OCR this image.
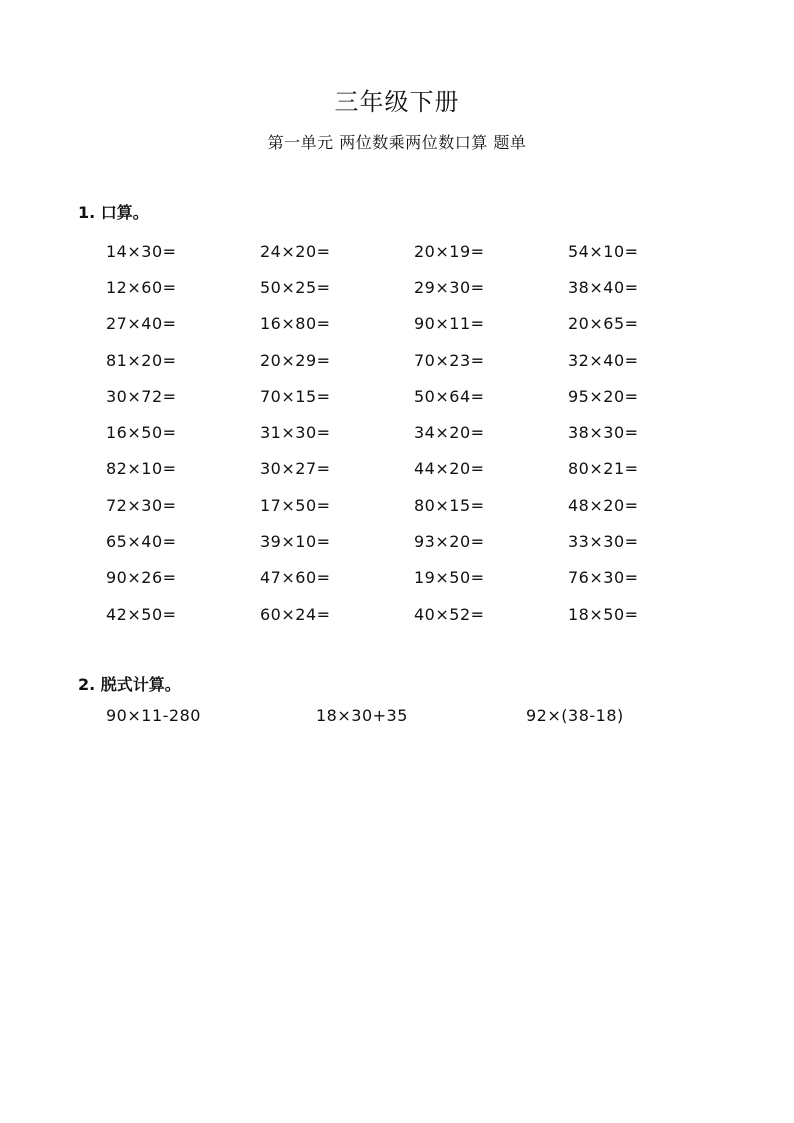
三年级下册
第一单元 两位数乘两位数口算 题单
1. 口算。
14×30=	24×20=	20×19=	54×10=
12×60=	50×25=	29×30=	38×40=
27×40=	16×80=	90×11=	20×65=
81×20=	20×29=	70×23=	32×40=
30×72=	70×15=	50×64=	95×20=
16×50=	31×30=	34×20=	38×30=
82×10=	30×27=	44×20=	80×21=
72×30=	17×50=	80×15=	48×20=
65×40=	39×10=	93×20=	33×30=
90×26=	47×60=	19×50=	76×30=
42×50=	60×24=	40×52=	18×50=
2. 脱式计算。
90×11-280	18×30+35	92×(38-18)
